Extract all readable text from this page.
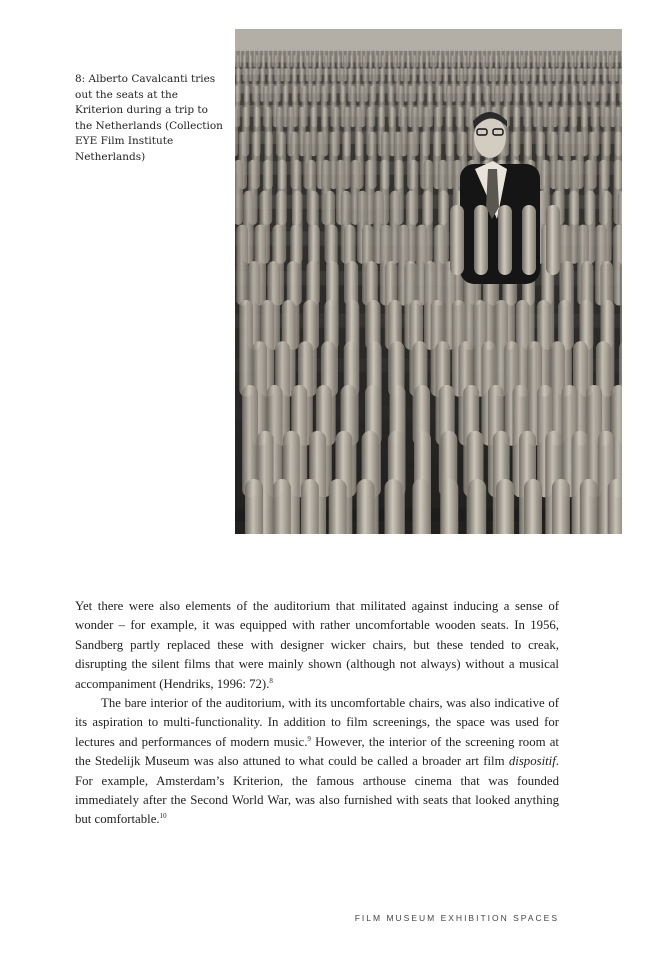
8: Alberto Cavalcanti tries out the seats at the Kriterion during a trip to the Netherlands (Collection EYE Film Institute Netherlands)

Yet there were also elements of the auditorium that militated against inducing a sense of wonder – for example, it was equipped with rather uncomfortable wooden seats. In 1956, Sandberg partly replaced these with designer wicker chairs, but these tended to creak, disrupting the silent films that were mainly shown (although not always) without a musical accompaniment (Hendriks, 1996: 72).$^8$

The bare interior of the auditorium, with its uncomfortable chairs, was also indicative of its aspiration to multi-functionality. In addition to film screenings, the space was used for lectures and performances of modern music.$^9$ However, the interior of the screening room at the Stedelijk Museum was also attuned to what could be called a broader art film dispositif. For example, Amsterdam’s Kriterion, the famous arthouse cinema that was founded immediately after the Second World War, was also furnished with seats that looked anything but comfortable.$^{10}$

FILM MUSEUM EXHIBITION SPACES
